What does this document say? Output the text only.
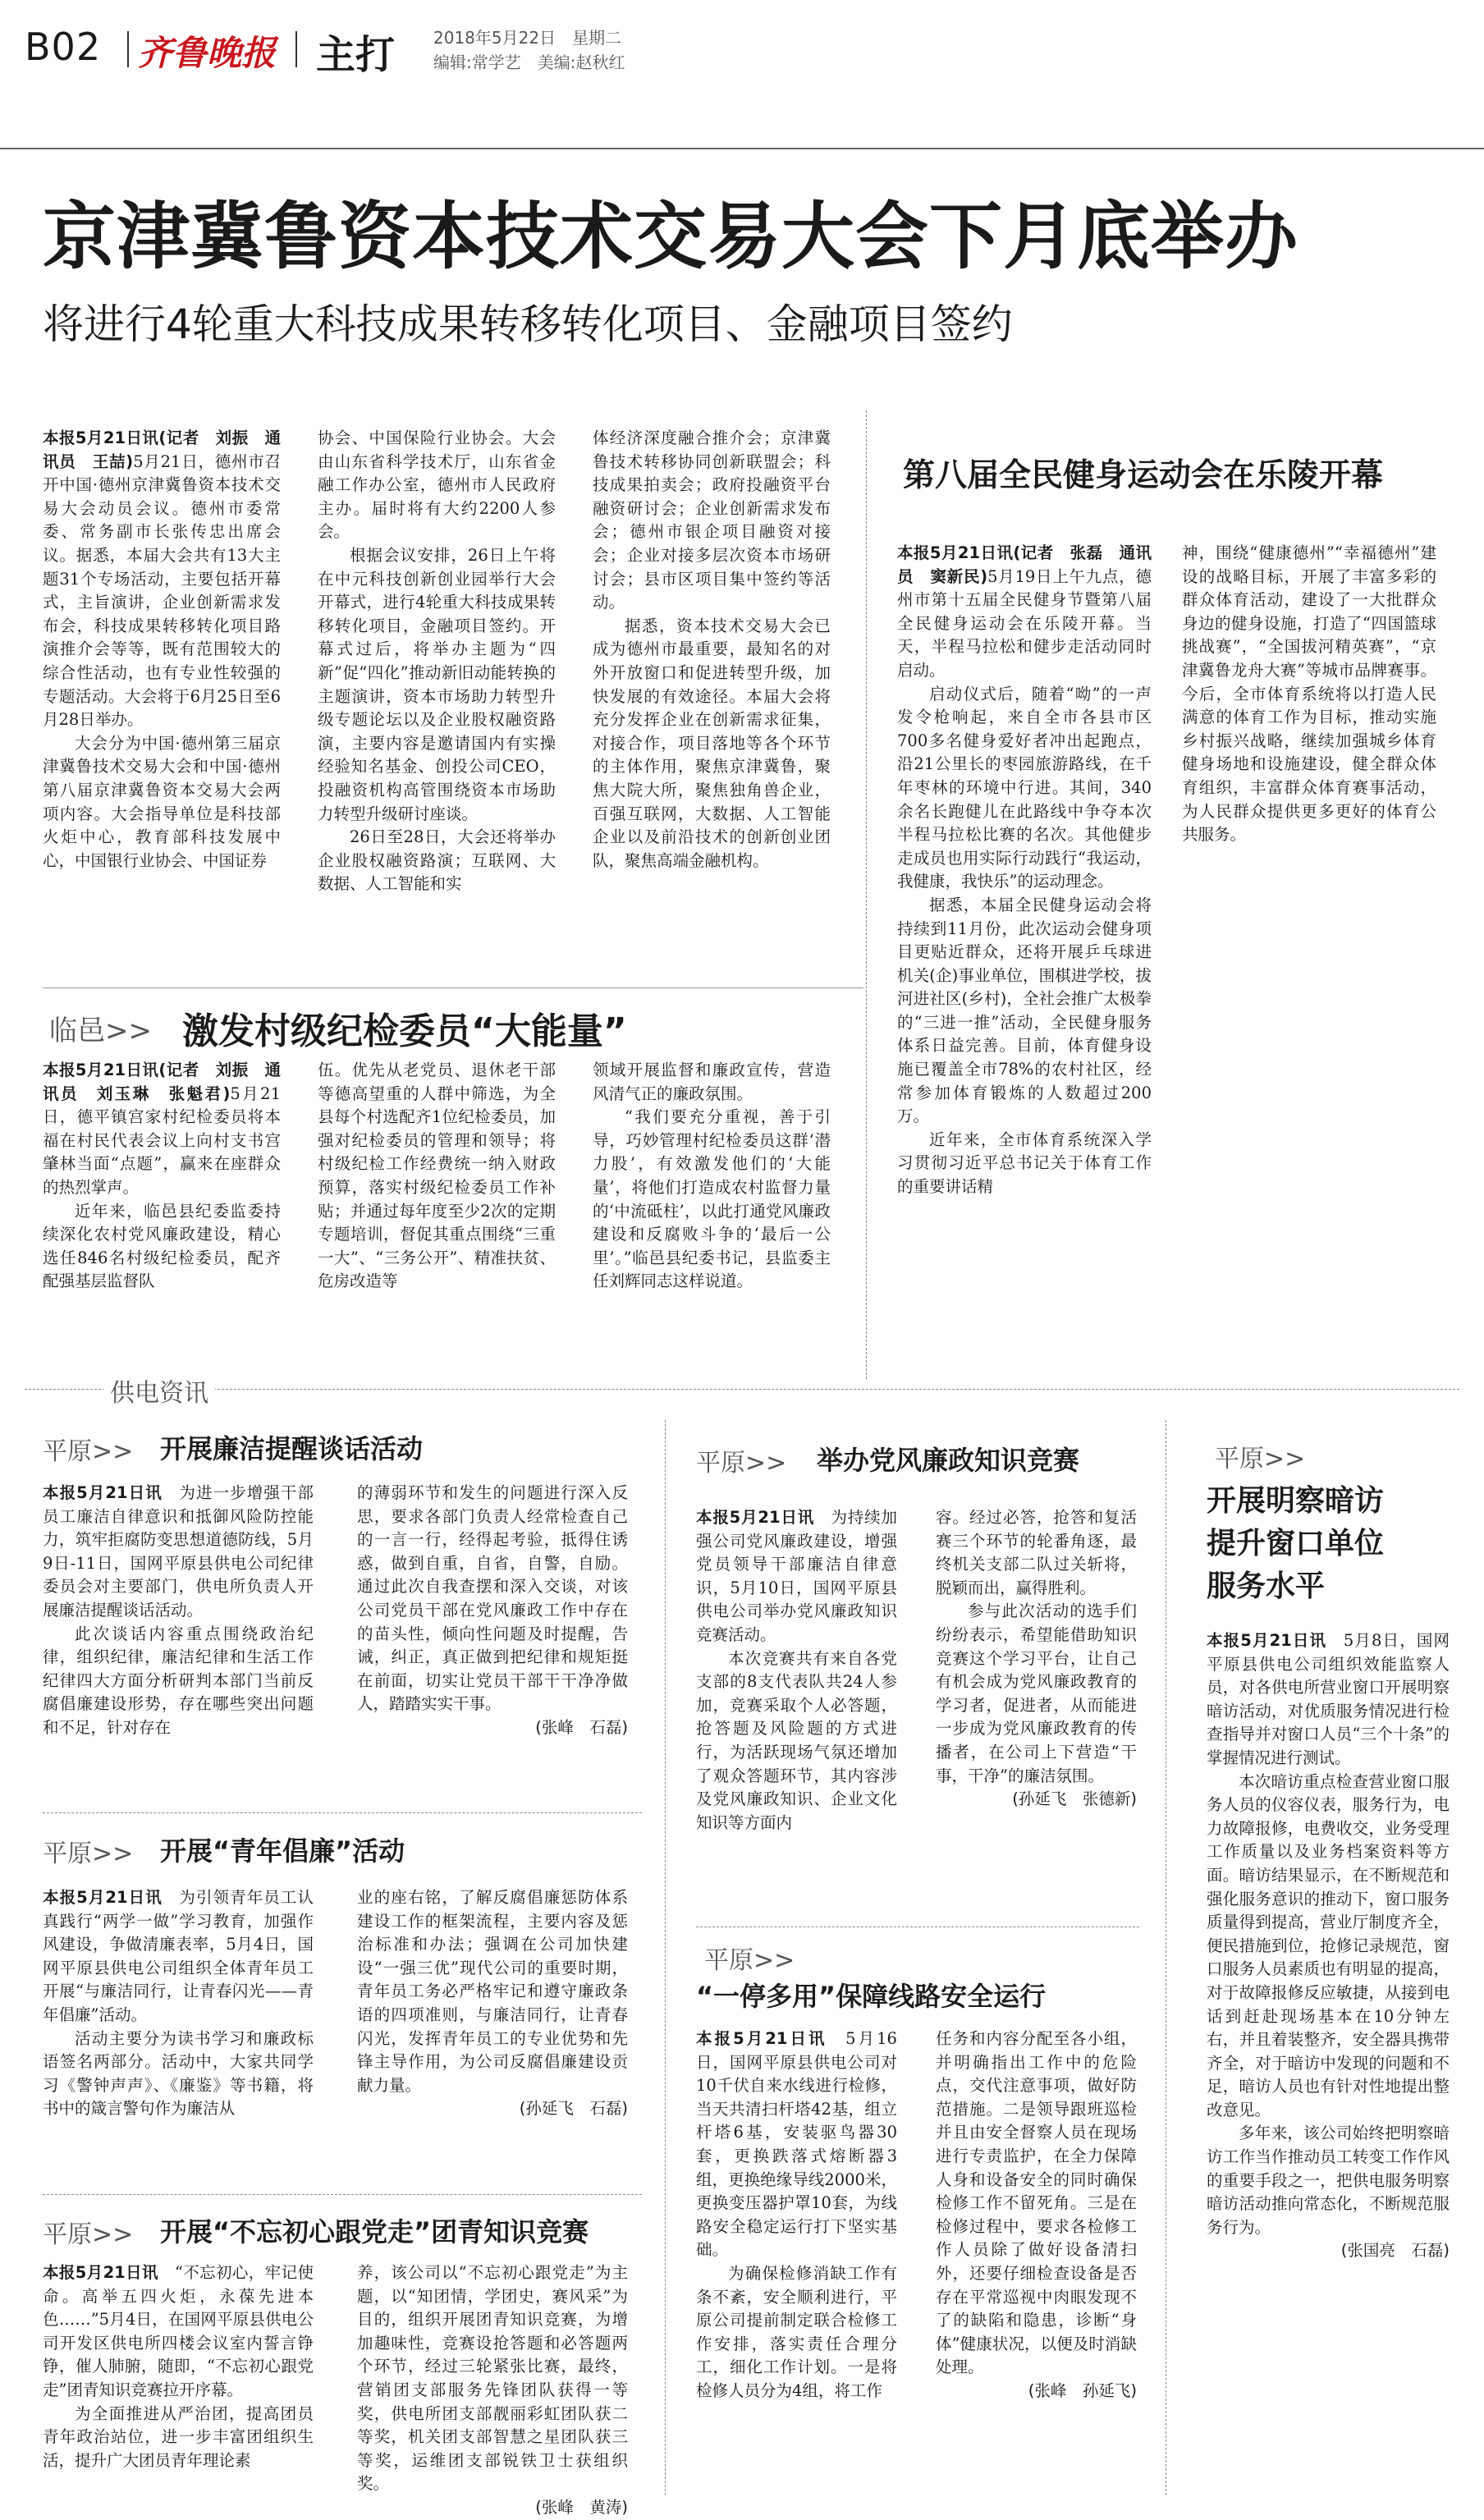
B02 齐鲁晚报 主打 2018年5月22日　星期二
编辑:常学艺　美编:赵秋红
京津冀鲁资本技术交易大会下月底举办
将进行4轮重大科技成果转移转化项目、金融项目签约

本报5月21日讯(记者　刘振　通讯员　王喆)5月21日，德州市召开中国·德州京津冀鲁资本技术交易大会动员会议。德州市委常委、常务副市长张传忠出席会议。据悉，本届大会共有13大主题31个专场活动，主要包括开幕式，主旨演讲，企业创新需求发布会，科技成果转移转化项目路演推介会等等，既有范围较大的综合性活动，也有专业性较强的专题活动。大会将于6月25日至6月28日举办。

大会分为中国·德州第三届京津冀鲁技术交易大会和中国·德州第八届京津冀鲁资本交易大会两项内容。大会指导单位是科技部火炬中心，教育部科技发展中心，中国银行业协会、中国证券

协会、中国保险行业协会。大会由山东省科学技术厅，山东省金融工作办公室，德州市人民政府主办。届时将有大约2200人参会。

根据会议安排，26日上午将在中元科技创新创业园举行大会开幕式，进行4轮重大科技成果转移转化项目，金融项目签约。开幕式过后，将举办主题为“四新”促“四化”推动新旧动能转换的主题演讲，资本市场助力转型升级专题论坛以及企业股权融资路演，主要内容是邀请国内有实操经验知名基金、创投公司CEO，投融资机构高管围绕资本市场助力转型升级研讨座谈。

26日至28日，大会还将举办企业股权融资路演；互联网、大数据、人工智能和实

体经济深度融合推介会；京津冀鲁技术转移协同创新联盟会；科技成果拍卖会；政府投融资平台融资研讨会；企业创新需求发布会；德州市银企项目融资对接会；企业对接多层次资本市场研讨会；县市区项目集中签约等活动。

据悉，资本技术交易大会已成为德州市最重要，最知名的对外开放窗口和促进转型升级，加快发展的有效途径。本届大会将充分发挥企业在创新需求征集，对接合作，项目落地等各个环节的主体作用，聚焦京津冀鲁，聚焦大院大所，聚焦独角兽企业，百强互联网，大数据、人工智能企业以及前沿技术的创新创业团队，聚焦高端金融机构。

临邑>> 激发村级纪检委员“大能量”

本报5月21日讯(记者　刘振　通讯员　刘玉琳　张魁君)5月21日，德平镇宫家村纪检委员将本福在村民代表会议上向村支书宫肇林当面“点题”，赢来在座群众的热烈掌声。

近年来，临邑县纪委监委持续深化农村党风廉政建设，精心选任846名村级纪检委员，配齐配强基层监督队

伍。优先从老党员、退休老干部等德高望重的人群中筛选，为全县每个村选配齐1位纪检委员，加强对纪检委员的管理和领导；将村级纪检工作经费统一纳入财政预算，落实村级纪检委员工作补贴；并通过每年度至少2次的定期专题培训，督促其重点围绕“三重一大”、“三务公开”、精准扶贫、危房改造等

领域开展监督和廉政宣传，营造风清气正的廉政氛围。

“我们要充分重视，善于引导，巧妙管理村纪检委员这群‘潜力股’，有效激发他们的‘大能量’，将他们打造成农村监督力量的‘中流砥柱’，以此打通党风廉政建设和反腐败斗争的‘最后一公里’。”临邑县纪委书记，县监委主任刘辉同志这样说道。

第八届全民健身运动会在乐陵开幕

本报5月21日讯(记者　张磊　通讯员　窦新民)5月19日上午九点，德州市第十五届全民健身节暨第八届全民健身运动会在乐陵开幕。当天，半程马拉松和健步走活动同时启动。

启动仪式后，随着“呦”的一声发令枪响起，来自全市各县市区700多名健身爱好者冲出起跑点，沿21公里长的枣园旅游路线，在千年枣林的环境中行进。其间，340余名长跑健儿在此路线中争夺本次半程马拉松比赛的名次。其他健步走成员也用实际行动践行“我运动，我健康，我快乐”的运动理念。

据悉，本届全民健身运动会将持续到11月份，此次运动会健身项目更贴近群众，还将开展乒乓球进机关(企)事业单位，围棋进学校，拔河进社区(乡村)，全社会推广太极拳的“三进一推”活动，全民健身服务体系日益完善。目前，体育健身设施已覆盖全市78%的农村社区，经常参加体育锻炼的人数超过200万。

近年来，全市体育系统深入学习贯彻习近平总书记关于体育工作的重要讲话精

神，围绕“健康德州”“幸福德州”建设的战略目标，开展了丰富多彩的群众体育活动，建设了一大批群众身边的健身设施，打造了“四国篮球挑战赛”，“全国拔河精英赛”，“京津冀鲁龙舟大赛”等城市品牌赛事。今后，全市体育系统将以打造人民满意的体育工作为目标，推动实施乡村振兴战略，继续加强城乡体育健身场地和设施建设，健全群众体育组织，丰富群众体育赛事活动，为人民群众提供更多更好的体育公共服务。

供电资讯
平原>> 开展廉洁提醒谈话活动

本报5月21日讯　 为进一步增强干部员工廉洁自律意识和抵御风险防控能力，筑牢拒腐防变思想道德防线，5月9日-11日，国网平原县供电公司纪律委员会对主要部门，供电所负责人开展廉洁提醒谈话活动。

此次谈话内容重点围绕政治纪律，组织纪律，廉洁纪律和生活工作纪律四大方面分析研判本部门当前反腐倡廉建设形势，存在哪些突出问题和不足，针对存在

的薄弱环节和发生的问题进行深入反思，要求各部门负责人经常检查自己的一言一行，经得起考验，抵得住诱惑，做到自重，自省，自警，自励。通过此次自我查摆和深入交谈，对该公司党员干部在党风廉政工作中存在的苗头性，倾向性问题及时提醒，告诫，纠正，真正做到把纪律和规矩挺在前面，切实让党员干部干干净净做人，踏踏实实干事。

(张峰　石磊)

平原>> 开展“青年倡廉”活动

本报5月21日讯　 为引领青年员工认真践行“两学一做”学习教育，加强作风建设，争做清廉表率，5月4日，国网平原县供电公司组织全体青年员工开展“与廉洁同行，让青春闪光——青年倡廉”活动。

活动主要分为读书学习和廉政标语签名两部分。活动中，大家共同学习《警钟声声》、《廉鉴》等书籍，将书中的箴言警句作为廉洁从

业的座右铭，了解反腐倡廉惩防体系建设工作的框架流程，主要内容及惩治标准和办法；强调在公司加快建设“一强三优”现代公司的重要时期，青年员工务必严格牢记和遵守廉政条语的四项准则，与廉洁同行，让青春闪光，发挥青年员工的专业优势和先锋主导作用，为公司反腐倡廉建设贡献力量。

(孙延飞　石磊)

平原>> 开展“不忘初心跟党走”团青知识竞赛

本报5月21日讯　 “不忘初心，牢记使命。高举五四火炬，永葆先进本色……”5月4日，在国网平原县供电公司开发区供电所四楼会议室内誓言铮铮，催人肺腑，随即，“不忘初心跟党走”团青知识竞赛拉开序幕。

为全面推进从严治团，提高团员青年政治站位，进一步丰富团组织生活，提升广大团员青年理论素

养，该公司以“不忘初心跟党走”为主题，以“知团情，学团史，赛风采”为目的，组织开展团青知识竞赛，为增加趣味性，竞赛设抢答题和必答题两个环节，经过三轮紧张比赛，最终，营销团支部服务先锋团队获得一等奖，供电所团支部靓丽彩虹团队获二等奖，机关团支部智慧之星团队获三等奖，运维团支部锐铁卫士获组织奖。

(张峰　黄涛)

平原>> 举办党风廉政知识竞赛

本报5月21日讯　 为持续加强公司党风廉政建设，增强党员领导干部廉洁自律意识，5月10日，国网平原县供电公司举办党风廉政知识竞赛活动。

本次竞赛共有来自各党支部的8支代表队共24人参加，竞赛采取个人必答题，抢答题及风险题的方式进行，为活跃现场气氛还增加了观众答题环节，其内容涉及党风廉政知识、企业文化知识等方面内

容。经过必答，抢答和复活赛三个环节的轮番角逐，最终机关支部二队过关斩将，脱颖而出，赢得胜利。

参与此次活动的选手们纷纷表示，希望能借助知识竞赛这个学习平台，让自己有机会成为党风廉政教育的学习者，促进者，从而能进一步成为党风廉政教育的传播者，在公司上下营造“干事，干净”的廉洁氛围。

(孙延飞　张德新)

平原>>
“一停多用”保障线路安全运行

本报5月21日讯　 5月16日，国网平原县供电公司对10千伏自来水线进行检修，当天共清扫杆塔42基，组立杆塔6基，安装驱鸟器30套，更换跌落式熔断器3组，更换绝缘导线2000米，更换变压器护罩10套，为线路安全稳定运行打下坚实基础。

为确保检修消缺工作有条不紊，安全顺利进行，平原公司提前制定联合检修工作安排，落实责任合理分工，细化工作计划。一是将检修人员分为4组，将工作

任务和内容分配至各小组，并明确指出工作中的危险点，交代注意事项，做好防范措施。二是领导跟班巡检并且由安全督察人员在现场进行专责监护，在全力保障人身和设备安全的同时确保检修工作不留死角。三是在检修过程中，要求各检修工作人员除了做好设备清扫外，还要仔细检查设备是否存在平常巡视中肉眼发现不了的缺陷和隐患，诊断“身体”健康状况，以便及时消缺处理。

(张峰　孙延飞)

平原>>
开展明察暗访
提升窗口单位
服务水平

本报5月21日讯　 5月8日，国网平原县供电公司组织效能监察人员，对各供电所营业窗口开展明察暗访活动，对优质服务情况进行检查指导并对窗口人员“三个十条”的掌握情况进行测试。

本次暗访重点检查营业窗口服务人员的仪容仪表，服务行为，电力故障报修，电费收交，业务受理工作质量以及业务档案资料等方面。暗访结果显示，在不断规范和强化服务意识的推动下，窗口服务质量得到提高，营业厅制度齐全，便民措施到位，抢修记录规范，窗口服务人员素质也有明显的提高，对于故障报修反应敏捷，从接到电话到赶赴现场基本在10分钟左右，并且着装整齐，安全器具携带齐全，对于暗访中发现的问题和不足，暗访人员也有针对性地提出整改意见。

多年来，该公司始终把明察暗访工作当作推动员工转变工作作风的重要手段之一，把供电服务明察暗访活动推向常态化，不断规范服务行为。

(张国亮　石磊)
